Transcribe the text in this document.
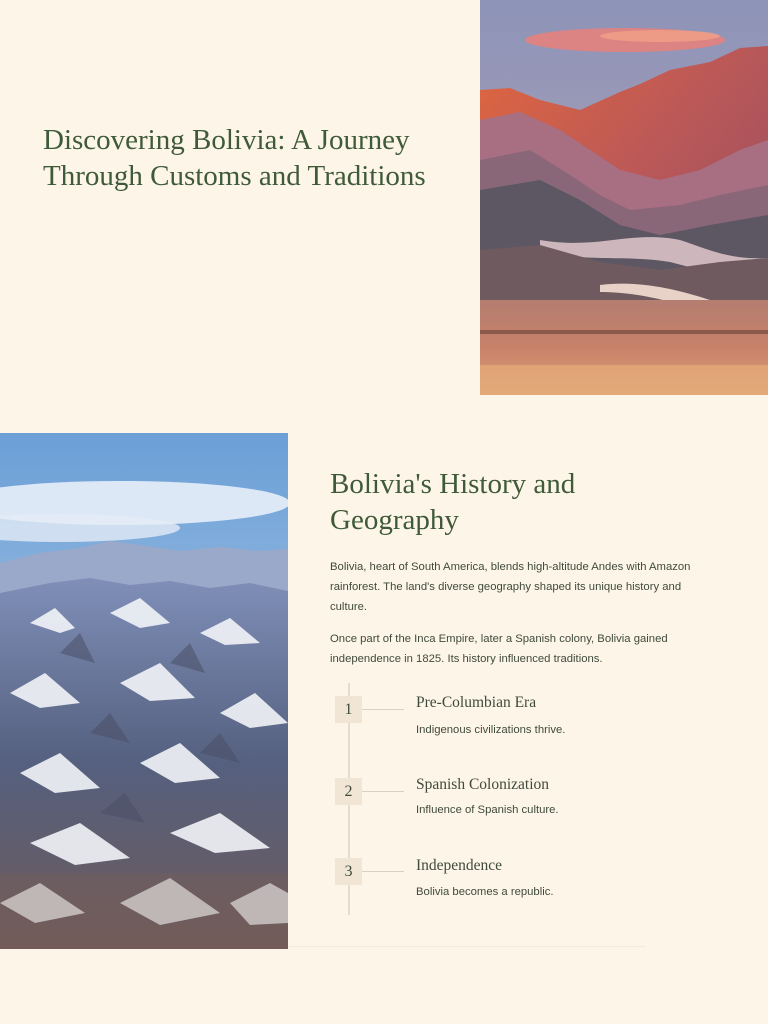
Discovering Bolivia: A Journey Through Customs and Traditions
Bolivia's History and Geography

Bolivia, heart of South America, blends high-altitude Andes with Amazon rainforest. The land's diverse geography shaped its unique history and culture.

Once part of the Inca Empire, later a Spanish colony, Bolivia gained independence in 1825. Its history influenced traditions.

1	Pre-Columbian Era

Indigenous civilizations thrive.

2	Spanish Colonization

Influence of Spanish culture.

3	Independence

Bolivia becomes a republic.
